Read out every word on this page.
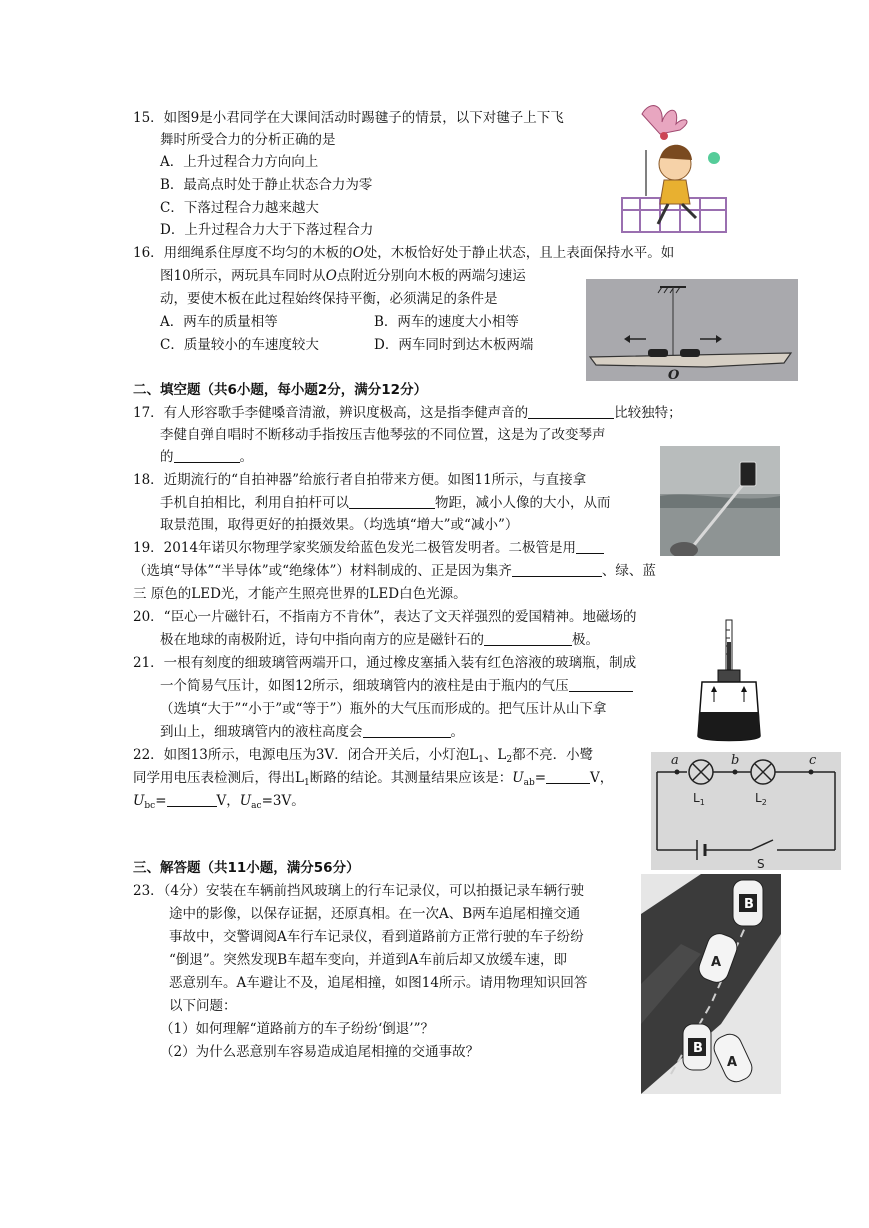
15．如图9是小君同学在大课间活动时踢毽子的情景，以下对毽子上下飞
舞时所受合力的分析正确的是
A．上升过程合力方向向上
B．最高点时处于静止状态合力为零
C．下落过程合力越来越大
D．上升过程合力大于下落过程合力
16．用细绳系住厚度不均匀的木板的O处，木板恰好处于静止状态，且上表面保持水平。如
图10所示，两玩具车同时从O点附近分别向木板的两端匀速运
动，要使木板在此过程始终保持平衡，必须满足的条件是
A．两车的质量相等	B．两车的速度大小相等
C．质量较小的车速度较大	D．两车同时到达木板两端
O
二、填空题（共6小题，每小题2分，满分12分）
17．有人形容歌手李健嗓音清澈，辨识度极高，这是指李健声音的	比较独特；
李健自弹自唱时不断移动手指按压吉他琴弦的不同位置，这是为了改变琴声
的	。
18．近期流行的“自拍神器”给旅行者自拍带来方便。如图11所示，与直接拿
手机自拍相比，利用自拍杆可以	物距，减小人像的大小，从而
取景范围，取得更好的拍摄效果。（均选填“增大”或“减小”）
19．2014年诺贝尔物理学家奖颁发给蓝色发光二极管发明者。二极管是用
（选填“导体”“半导体”或“绝缘体”）材料制成的、正是因为集齐	、绿、蓝
三 原色的LED光，才能产生照亮世界的LED白色光源。
20．“臣心一片磁针石，不指南方不肯休”，表达了文天祥强烈的爱国精神。地磁场的
极在地球的南极附近，诗句中指向南方的应是磁针石的	极。
21．一根有刻度的细玻璃管两端开口，通过橡皮塞插入装有红色溶液的玻璃瓶，制成
一个简易气压计，如图12所示，细玻璃管内的液柱是由于瓶内的气压
（选填“大于”“小于”或“等于”）瓶外的大气压而形成的。把气压计从山下拿
到山上，细玻璃管内的液柱高度会	。
22．如图13所示，电源电压为3V．闭合开关后，小灯泡$L_1$、$L_2$都不亮．小鹭
同学用电压表检测后，得出$L_1$断路的结论。其测量结果应该是：$U_{ab}=$	V，
$U_{bc}=$	V，$U_{ac}=3V$。
a	b	c
$L_1$	$L_2$
S
三、解答题（共11小题，满分56分）
23．（4分）安装在车辆前挡风玻璃上的行车记录仪，可以拍摄记录车辆行驶
途中的影像，以保存证据，还原真相。在一次A、B两车追尾相撞交通
事故中，交警调阅A车行车记录仪，看到道路前方正常行驶的车子纷纷
“倒退”。突然发现B车超车变向，并道到A车前后却又放缓车速，即
恶意别车。A车避让不及，追尾相撞，如图14所示。请用物理知识回答
以下问题：
（1）如何理解“道路前方的车子纷纷‘倒退’”？
（2）为什么恶意别车容易造成追尾相撞的交通事故？
B
A
B
A
